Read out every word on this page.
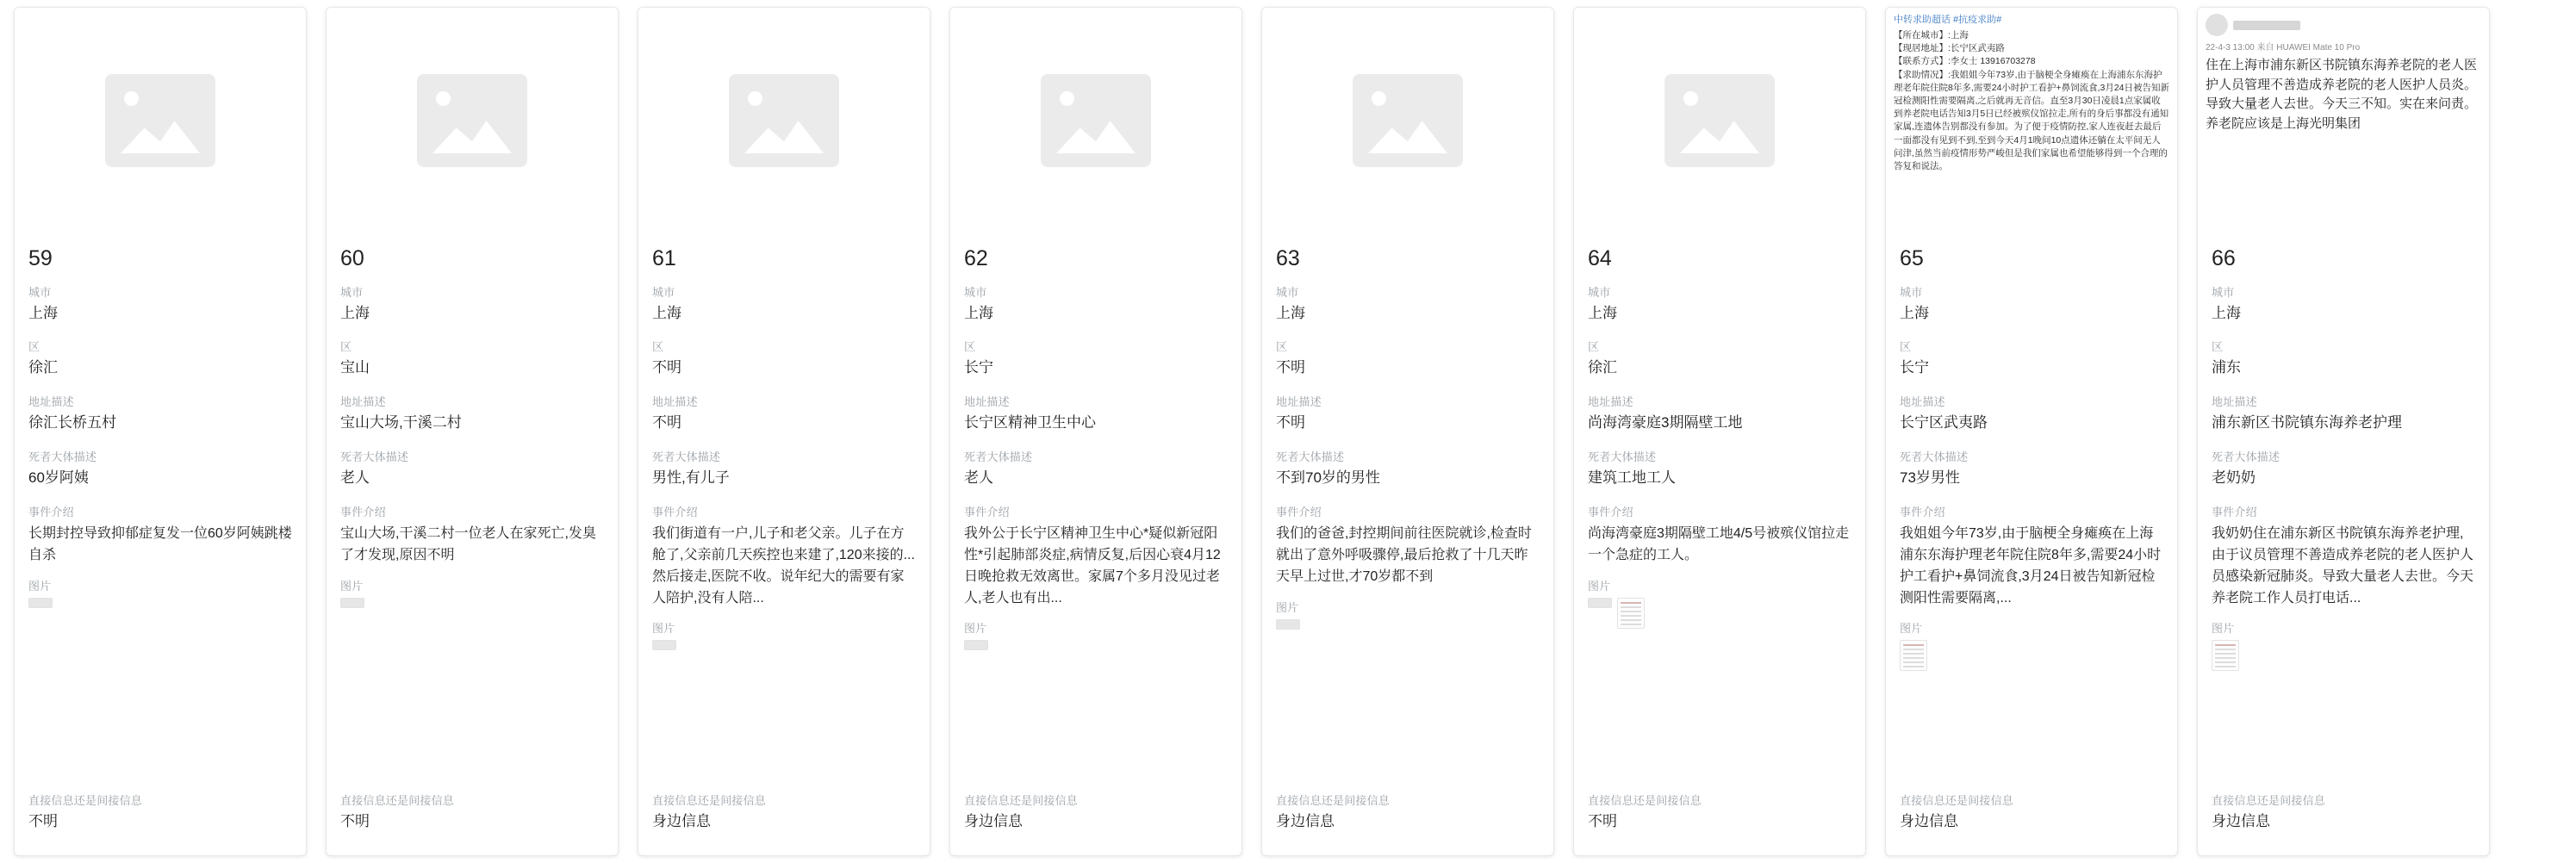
59
城市
上海
区
徐汇
地址描述
徐汇长桥五村
死者大体描述
60岁阿姨
事件介绍
长期封控导致抑郁症复发一位60岁阿姨跳楼自杀
图片
直接信息还是间接信息
不明
60
城市
上海
区
宝山
地址描述
宝山大场,干溪二村
死者大体描述
老人
事件介绍
宝山大场,干溪二村一位老人在家死亡,发臭了才发现,原因不明
图片
直接信息还是间接信息
不明
61
城市
上海
区
不明
地址描述
不明
死者大体描述
男性,有儿子
事件介绍
我们街道有一户,儿子和老父亲。儿子在方舱了,父亲前几天疾控也来建了,120来接的...然后接走,医院不收。说年纪大的需要有家人陪护,没有人陪...
图片
直接信息还是间接信息
身边信息
62
城市
上海
区
长宁
地址描述
长宁区精神卫生中心
死者大体描述
老人
事件介绍
我外公于长宁区精神卫生中心*疑似新冠阳性*引起肺部炎症,病情反复,后因心衰4月12日晚抢救无效离世。家属7个多月没见过老人,老人也有出...
图片
直接信息还是间接信息
身边信息
63
城市
上海
区
不明
地址描述
不明
死者大体描述
不到70岁的男性
事件介绍
我们的爸爸,封控期间前往医院就诊,检查时就出了意外呼吸骤停,最后抢救了十几天昨天早上过世,才70岁都不到
图片
直接信息还是间接信息
身边信息
64
城市
上海
区
徐汇
地址描述
尚海湾豪庭3期隔壁工地
死者大体描述
建筑工地工人
事件介绍
尚海湾豪庭3期隔壁工地4/5号被殡仪馆拉走一个急症的工人。
图片
直接信息还是间接信息
不明
中转求助超话 #抗疫求助#
【所在城市】:上海
【现居地址】:长宁区武夷路
【联系方式】:李女士 13916703278
【求助情况】:我姐姐今年73岁,由于脑梗全身瘫痪在上海浦东东海护理老年院住院8年多,需要24小时护工看护+鼻饲流食,3月24日被告知新冠检测阳性需要隔离,之后就再无音信。直至3月30日凌晨1点家属收到养老院电话告知3月5日已经被殡仪馆拉走,所有的身后事都没有通知家属,连遗体告别都没有参加。为了便于疫情防控,家人连夜赶去最后一面都没有见到不到,至到今天4月1晚间10点遗体还躺在太平间无人问津,虽然当前疫情形势严峻但是我们家属也希望能够得到一个合理的答复和说法。
65
城市
上海
区
长宁
地址描述
长宁区武夷路
死者大体描述
73岁男性
事件介绍
我姐姐今年73岁,由于脑梗全身瘫痪在上海浦东东海护理老年院住院8年多,需要24小时护工看护+鼻饲流食,3月24日被告知新冠检测阳性需要隔离,...
图片
直接信息还是间接信息
身边信息
22-4-3 13:00 来自 HUAWEI Mate 10 Pro
住在上海市浦东新区书院镇东海养老院的老人医护人员管理不善造成养老院的老人医护人员炎。导致大量老人去世。今天三不知。实在来问责。养老院应该是上海光明集团
66
城市
上海
区
浦东
地址描述
浦东新区书院镇东海养老护理
死者大体描述
老奶奶
事件介绍
我奶奶住在浦东新区书院镇东海养老护理,由于议员管理不善造成养老院的老人医护人员感染新冠肺炎。导致大量老人去世。今天养老院工作人员打电话...
图片
直接信息还是间接信息
身边信息
